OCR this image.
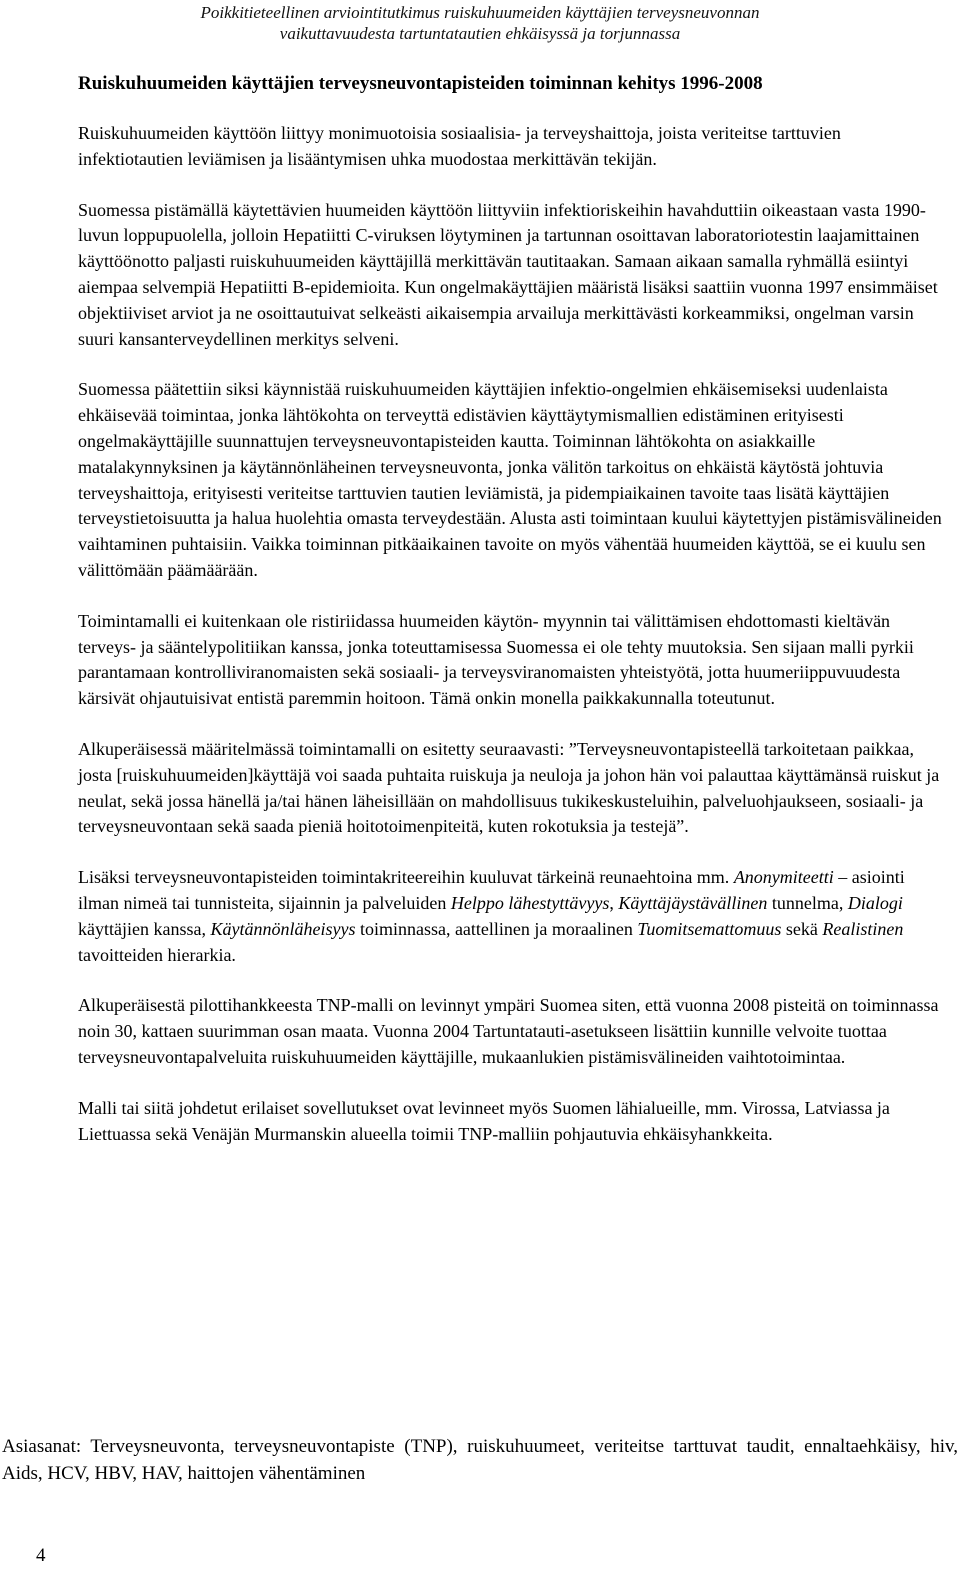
Poikkitieteellinen arviointitutkimus ruiskuhuumeiden käyttäjien terveysneuvonnan
vaikuttavuudesta tartuntatautien ehkäisyssä ja torjunnassa
Ruiskuhuumeiden käyttäjien terveysneuvontapisteiden toiminnan kehitys 1996-2008

Ruiskuhuumeiden käyttöön liittyy monimuotoisia sosiaalisia- ja terveyshaittoja, joista veriteitse tarttuvien infektiotautien leviämisen ja lisääntymisen uhka muodostaa merkittävän tekijän.

Suomessa pistämällä käytettävien huumeiden käyttöön liittyviin infektioriskeihin havahduttiin oikeastaan vasta 1990-luvun loppupuolella, jolloin Hepatiitti C-viruksen löytyminen ja tartunnan osoittavan laboratoriotestin laajamittainen käyttöönotto paljasti ruiskuhuumeiden käyttäjillä merkittävän tautitaakan. Samaan aikaan samalla ryhmällä esiintyi aiempaa selvempiä Hepatiitti B-epidemioita. Kun ongelmakäyttäjien määristä lisäksi saattiin vuonna 1997 ensimmäiset objektiiviset arviot ja ne osoittautuivat selkeästi aikaisempia arvailuja merkittävästi korkeammiksi, ongelman varsin suuri kansanterveydellinen merkitys selveni.

Suomessa päätettiin siksi käynnistää ruiskuhuumeiden käyttäjien infektio-ongelmien ehkäisemiseksi uudenlaista ehkäisevää toimintaa, jonka lähtökohta on terveyttä edistävien käyttäytymismallien edistäminen erityisesti ongelmakäyttäjille suunnattujen terveysneuvontapisteiden kautta. Toiminnan lähtökohta on asiakkaille matalakynnyksinen ja käytännönläheinen terveysneuvonta, jonka välitön tarkoitus on ehkäistä käytöstä johtuvia terveyshaittoja, erityisesti veriteitse tarttuvien tautien leviämistä, ja pidempiaikainen tavoite taas lisätä käyttäjien terveystietoisuutta ja halua huolehtia omasta terveydestään. Alusta asti toimintaan kuului käytettyjen pistämisvälineiden vaihtaminen puhtaisiin. Vaikka toiminnan pitkäaikainen tavoite on myös vähentää huumeiden käyttöä, se ei kuulu sen välittömään päämäärään.

Toimintamalli ei kuitenkaan ole ristiriidassa huumeiden käytön- myynnin tai välittämisen ehdottomasti kieltävän terveys- ja sääntelypolitiikan kanssa, jonka toteuttamisessa Suomessa ei ole tehty muutoksia. Sen sijaan malli pyrkii parantamaan kontrolliviranomaisten sekä sosiaali- ja terveysviranomaisten yhteistyötä, jotta huumeriippuvuudesta kärsivät ohjautuisivat entistä paremmin hoitoon. Tämä onkin monella paikkakunnalla toteutunut.

Alkuperäisessä määritelmässä toimintamalli on esitetty seuraavasti: ”Terveysneuvontapisteellä tarkoitetaan paikkaa, josta [ruiskuhuumeiden]käyttäjä voi saada puhtaita ruiskuja ja neuloja ja johon hän voi palauttaa käyttämänsä ruiskut ja neulat, sekä jossa hänellä ja/tai hänen läheisillään on mahdollisuus tukikeskusteluihin, palveluohjaukseen, sosiaali- ja terveysneuvontaan sekä saada pieniä hoitotoimenpiteitä, kuten rokotuksia ja testejä”.

Lisäksi terveysneuvontapisteiden toimintakriteereihin kuuluvat tärkeinä reunaehtoina mm. Anonymiteetti – asiointi ilman nimeä tai tunnisteita, sijainnin ja palveluiden Helppo lähestyttävyys, Käyttäjäystävällinen tunnelma, Dialogi käyttäjien kanssa, Käytännönläheisyys toiminnassa, aattellinen ja moraalinen Tuomitsemattomuus sekä Realistinen tavoitteiden hierarkia.

Alkuperäisestä pilottihankkeesta TNP-malli on levinnyt ympäri Suomea siten, että vuonna 2008 pisteitä on toiminnassa noin 30, kattaen suurimman osan maata. Vuonna 2004 Tartuntatauti-asetukseen lisättiin kunnille velvoite tuottaa terveysneuvontapalveluita ruiskuhuumeiden käyttäjille, mukaanlukien pistämisvälineiden vaihtotoimintaa.

Malli tai siitä johdetut erilaiset sovellutukset ovat levinneet myös Suomen lähialueille, mm. Virossa, Latviassa ja Liettuassa sekä Venäjän Murmanskin alueella toimii TNP-malliin pohjautuvia ehkäisyhankkeita.

Asiasanat: Terveysneuvonta, terveysneuvontapiste (TNP), ruiskuhuumeet, veriteitse tarttuvat taudit, ennaltaehkäisy, hiv, Aids, HCV, HBV, HAV, haittojen vähentäminen
4
